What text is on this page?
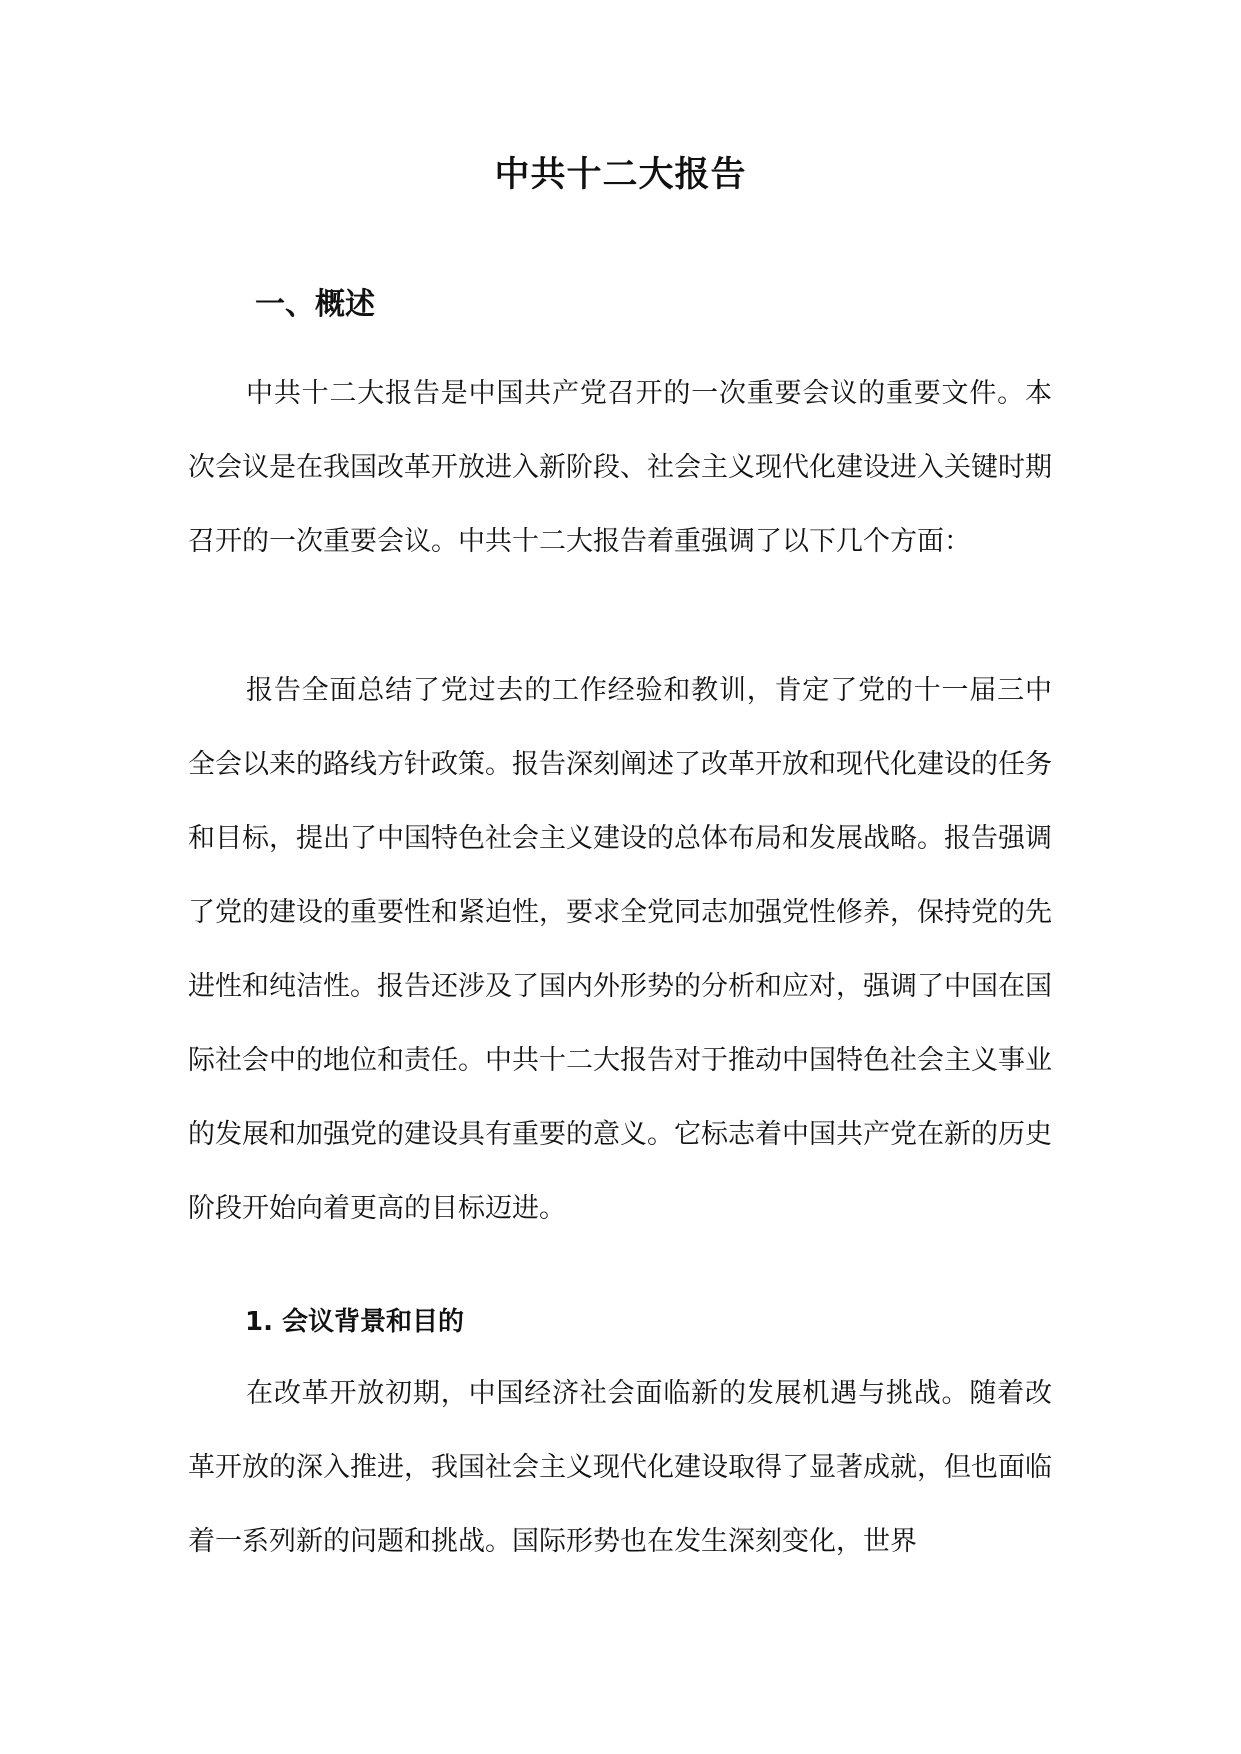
中共十二大报告
一、概述

中共十二大报告是中国共产党召开的一次重要会议的重要文件。本次会议是在我国改革开放进入新阶段、社会主义现代化建设进入关键时期召开的一次重要会议。中共十二大报告着重强调了以下几个方面：

报告全面总结了党过去的工作经验和教训，肯定了党的十一届三中全会以来的路线方针政策。报告深刻阐述了改革开放和现代化建设的任务和目标，提出了中国特色社会主义建设的总体布局和发展战略。报告强调了党的建设的重要性和紧迫性，要求全党同志加强党性修养，保持党的先进性和纯洁性。报告还涉及了国内外形势的分析和应对，强调了中国在国际社会中的地位和责任。中共十二大报告对于推动中国特色社会主义事业的发展和加强党的建设具有重要的意义。它标志着中国共产党在新的历史阶段开始向着更高的目标迈进。

1. 会议背景和目的

在改革开放初期，中国经济社会面临新的发展机遇与挑战。随着改革开放的深入推进，我国社会主义现代化建设取得了显著成就，但也面临着一系列新的问题和挑战。国际形势也在发生深刻变化，世界
